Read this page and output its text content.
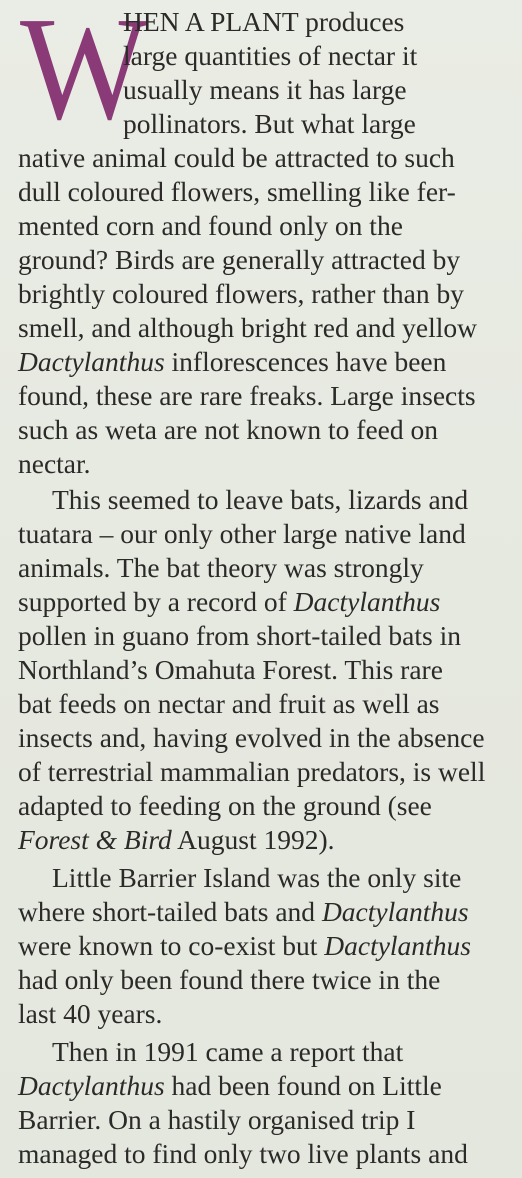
W

HEN A PLANT produces

large quantities of nectar it

usually means it has large

pollinators. But what large

native animal could be attracted to such

dull coloured flowers, smelling like fer-

mented corn and found only on the

ground? Birds are generally attracted by

brightly coloured flowers, rather than by

smell, and although bright red and yellow

Dactylanthus inflorescences have been

found, these are rare freaks. Large insects

such as weta are not known to feed on

nectar.

This seemed to leave bats, lizards and

tuatara – our only other large native land

animals. The bat theory was strongly

supported by a record of Dactylanthus

pollen in guano from short-tailed bats in

Northland’s Omahuta Forest. This rare

bat feeds on nectar and fruit as well as

insects and, having evolved in the absence

of terrestrial mammalian predators, is well

adapted to feeding on the ground (see

Forest & Bird August 1992).

Little Barrier Island was the only site

where short-tailed bats and Dactylanthus

were known to co-exist but Dactylanthus

had only been found there twice in the

last 40 years.

Then in 1991 came a report that

Dactylanthus had been found on Little

Barrier. On a hastily organised trip I

managed to find only two live plants and
